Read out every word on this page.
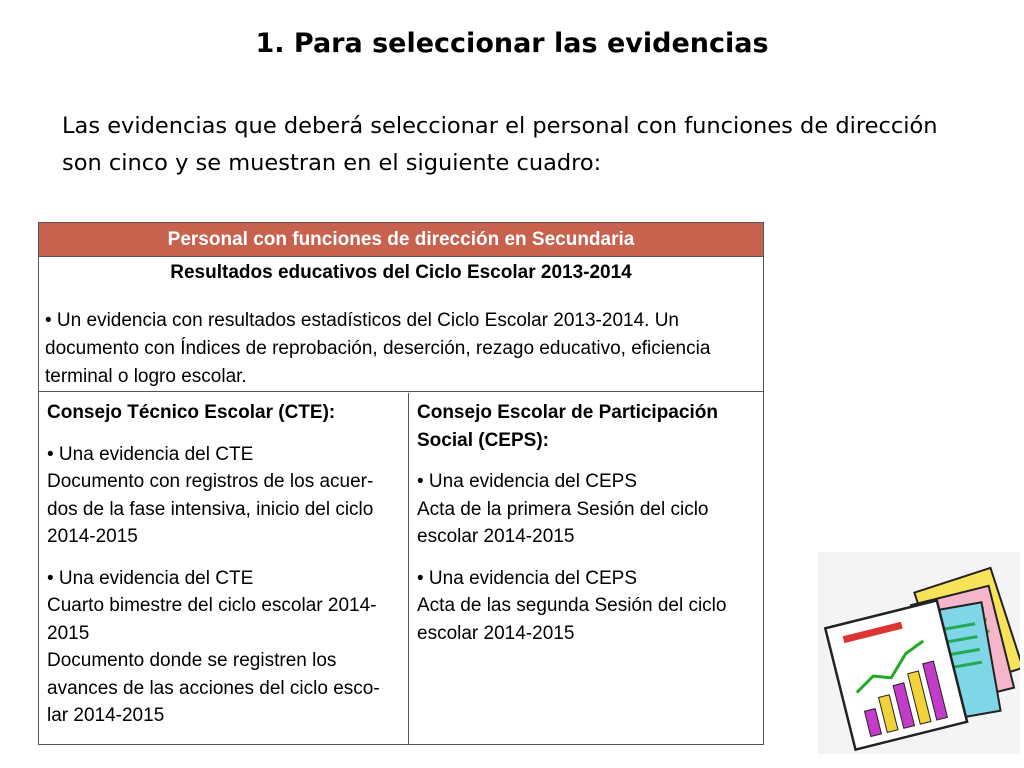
1. Para seleccionar las evidencias
Las evidencias que deberá seleccionar el personal con funciones de dirección son cinco y se muestran en el siguiente cuadro:
Personal con funciones de dirección en Secundaria
Resultados educativos del Ciclo Escolar 2013-2014
• Un evidencia con resultados estadísticos del Ciclo Escolar 2013-2014. Un documento con Índices de reprobación, deserción, rezago educativo, eficiencia terminal o logro escolar.
Consejo Técnico Escolar (CTE):
• Una evidencia del CTE
Documento con registros de los acuer-dos de la fase intensiva, inicio del ciclo 2014-2015
• Una evidencia del CTE
Cuarto bimestre del ciclo escolar 2014-2015
Documento donde se registren los avances de las acciones del ciclo esco-lar 2014-2015
Consejo Escolar de Participación Social (CEPS):
• Una evidencia del CEPS
Acta de la primera Sesión del ciclo escolar 2014-2015
• Una evidencia del CEPS
Acta de las segunda Sesión del ciclo escolar 2014-2015
